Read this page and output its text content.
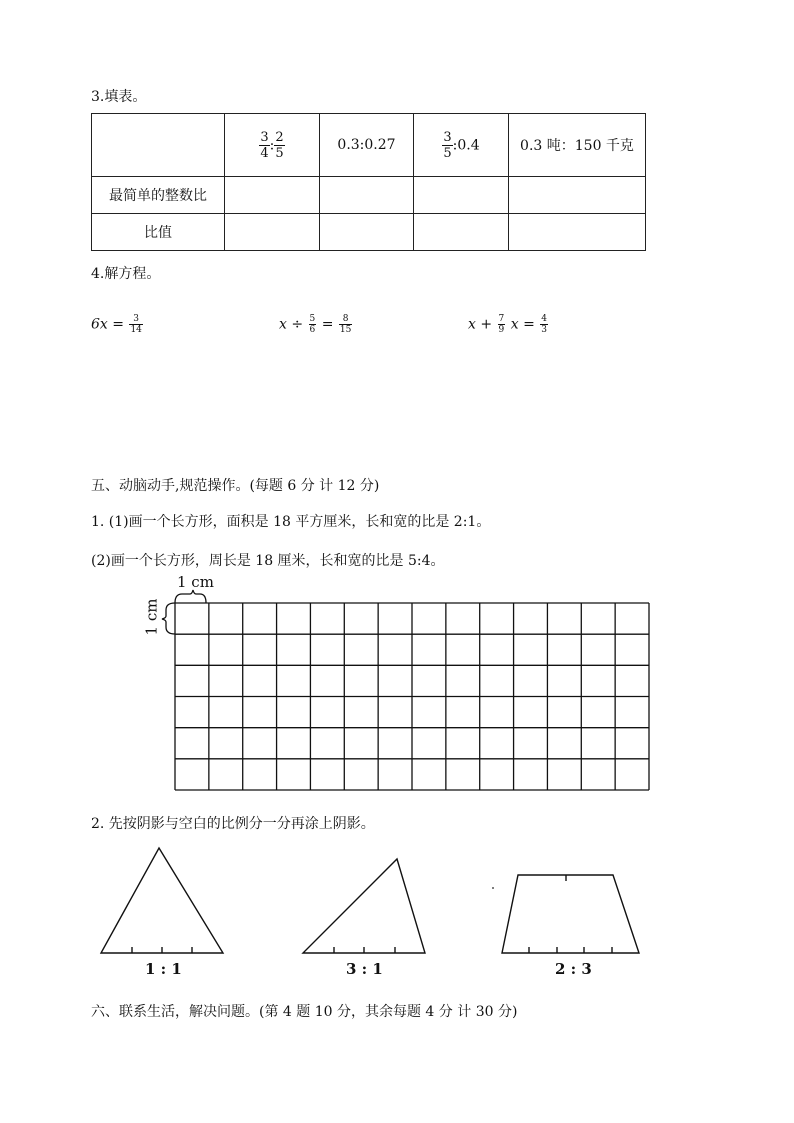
3.填表。

	$\frac{3}{4}$ : $\frac{2}{5}$	0.3:0.27	$\frac{3}{5}$ :0.4	0.3 吨：150 千克
最简单的整数比				
比值				
4.解方程。
$6x = \frac{3}{14}$	$x \div \frac{5}{6} = \frac{8}{15}$	$x + \frac{7}{9}$ $x = \frac{4}{3}$
五、动脑动手,规范操作。(每题 6 分 计 12 分)
1. (1)画一个长方形，面积是 18 平方厘米，长和宽的比是 2:1。
(2)画一个长方形，周长是 18 厘米，长和宽的比是 5:4。
1 cm
1 cm
2. 先按阴影与空白的比例分一分再涂上阴影。
1 : 1	3 : 1	2 : 3
六、联系生活，解决问题。(第 4 题 10 分，其余每题 4 分 计 30 分)
